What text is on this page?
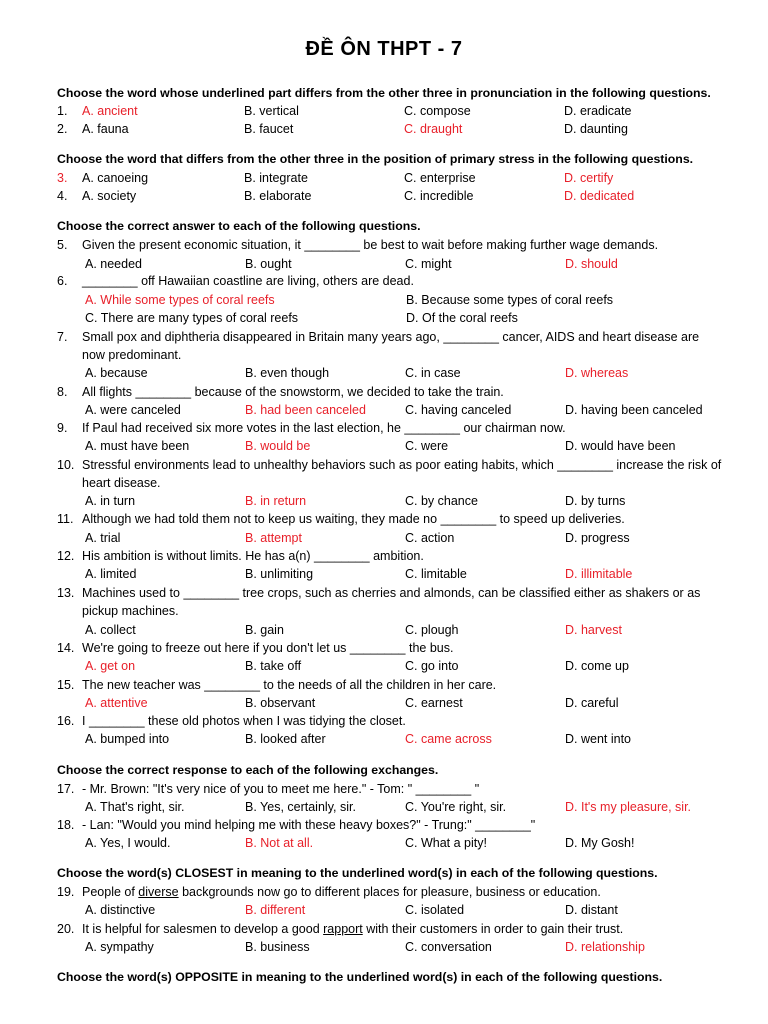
ĐỀ ÔN THPT - 7
Choose the word whose underlined part differs from the other three in pronunciation in the following questions.
1.	A. ancient	B. vertical	C. compose	D. eradicate
2.	A. fauna	B. faucet	C. draught	D. daunting
Choose the word that differs from the other three in the position of primary stress in the following questions.
3.	A. canoeing	B. integrate	C. enterprise	D. certify
4.	A. society	B. elaborate	C. incredible	D. dedicated
Choose the correct answer to each of the following questions.
5.	Given the present economic situation, it ________ be best to wait before making further wage demands.
A. needed	B. ought	C. might	D. should
6.	________ off Hawaiian coastline are living, others are dead.
A. While some types of coral reefs	B. Because some types of coral reefs
C. There are many types of coral reefs	D. Of the coral reefs
7.	Small pox and diphtheria disappeared in Britain many years ago, ________ cancer, AIDS and heart disease are now predominant.
A. because	B. even though	C. in case	D. whereas
8.	All flights ________ because of the snowstorm, we decided to take the train.
A. were canceled	B. had been canceled	C. having canceled	D. having been canceled
9.	If Paul had received six more votes in the last election, he ________ our chairman now.
A. must have been	B. would be	C. were	D. would have been
10. Stressful environments lead to unhealthy behaviors such as poor eating habits, which ________ increase the risk of heart disease.
A. in turn	B. in return	C. by chance	D. by turns
11. Although we had told them not to keep us waiting, they made no ________ to speed up deliveries.
A. trial	B. attempt	C. action	D. progress
12. His ambition is without limits. He has a(n) ________ ambition.
A. limited	B. unlimiting	C. limitable	D. illimitable
13. Machines used to ________ tree crops, such as cherries and almonds, can be classified either as shakers or as pickup machines.
A. collect	B. gain	C. plough	D. harvest
14. We're going to freeze out here if you don't let us ________ the bus.
A. get on	B. take off	C. go into	D. come up
15. The new teacher was ________ to the needs of all the children in her care.
A. attentive	B. observant	C. earnest	D. careful
16. I ________ these old photos when I was tidying the closet.
A. bumped into	B. looked after	C. came across	D. went into
Choose the correct response to each of the following exchanges.
17. - Mr. Brown: "It's very nice of you to meet me here." - Tom: " ________ "
A. That's right, sir.	B. Yes, certainly, sir.	C. You're right, sir.	D. It's my pleasure, sir.
18. - Lan: "Would you mind helping me with these heavy boxes?" - Trung:" ________"
A. Yes, I would.	B. Not at all.	C. What a pity!	D. My Gosh!
Choose the word(s) CLOSEST in meaning to the underlined word(s) in each of the following questions.
19. People of diverse backgrounds now go to different places for pleasure, business or education.
A. distinctive	B. different	C. isolated	D. distant
20. It is helpful for salesmen to develop a good rapport with their customers in order to gain their trust.
A. sympathy	B. business	C. conversation	D. relationship
Choose the word(s) OPPOSITE in meaning to the underlined word(s) in each of the following questions.
